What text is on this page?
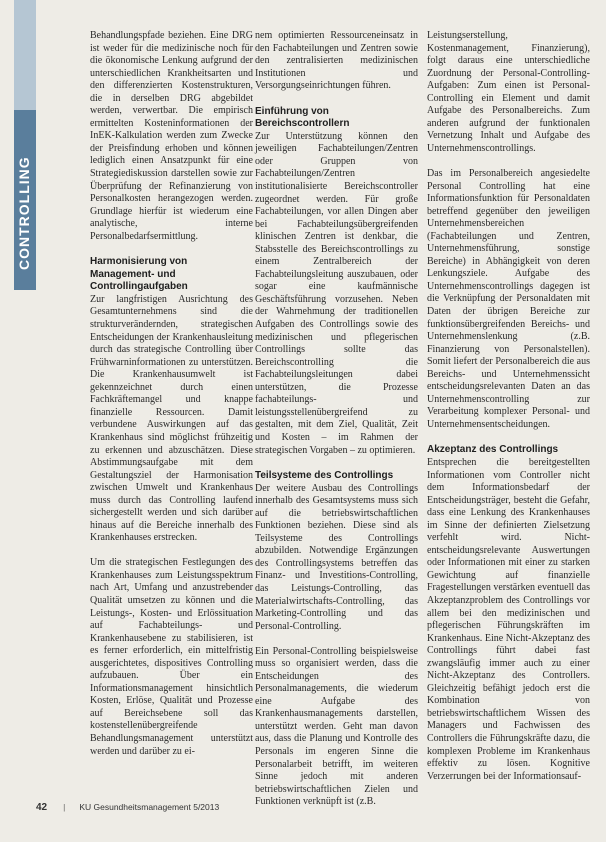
CONTROLLING

Behandlungspfade beziehen. Eine DRG ist weder für die medizinische noch für die ökonomische Lenkung aufgrund der unterschiedlichen Krankheitsarten und den differenzierten Kostenstrukturen, die in derselben DRG abgebildet werden, verwertbar. Die empirisch ermittelten Kosteninformationen der InEK-Kalkulation werden zum Zwecke der Preisfindung erhoben und können lediglich einen Ansatzpunkt für eine Strategiediskussion darstellen sowie zur Überprüfung der Refinanzierung von Personalkosten herangezogen werden. Grundlage hierfür ist wiederum eine analytische, interne Personalbedarfsermittlung.

Harmonisierung von Management- und Controllingaufgaben

Zur langfristigen Ausrichtung des Gesamtunternehmens sind die strukturverändernden, strategischen Entscheidungen der Krankenhausleitung durch das strategische Controlling über Frühwarninformationen zu unterstützen. Die Krankenhausumwelt ist gekennzeichnet durch einen Fachkräftemangel und knappe finanzielle Ressourcen. Damit verbundene Auswirkungen auf das Krankenhaus sind möglichst frühzeitig zu erkennen und abzuschätzen. Diese Abstimmungsaufgabe mit dem Gestaltungsziel der Harmonisation zwischen Umwelt und Krankenhaus muss durch das Controlling laufend sichergestellt werden und sich darüber hinaus auf die Bereiche innerhalb des Krankenhauses erstrecken.

Um die strategischen Festlegungen des Krankenhauses zum Leistungsspektrum nach Art, Umfang und anzustrebender Qualität umsetzen zu können und die Leistungs-, Kosten- und Erlössituation auf Fachabteilungs- und Krankenhausebene zu stabilisieren, ist es ferner erforderlich, ein mittelfristig ausgerichtetes, dispositives Controlling aufzubauen. Über ein Informationsmanagement hinsichtlich Kosten, Erlöse, Qualität und Prozesse auf Bereichsebene soll das kostenstellenübergreifende Behandlungsmanagement unterstützt werden und darüber zu ei-

nem optimierten Ressourceneinsatz in den Fachabteilungen und Zentren sowie den zentralisierten medizinischen Institutionen und Versorgungseinrichtungen führen.

Einführung von Bereichscontrollern

Zur Unterstützung können den jeweiligen Fachabteilungen/Zentren oder Gruppen von Fachabteilungen/Zentren institutionalisierte Bereichscontroller zugeordnet werden. Für große Fachabteilungen, vor allen Dingen aber bei Fachabteilungsübergreifenden klinischen Zentren ist denkbar, die Stabsstelle des Bereichscontrollings zu einem Zentralbereich der Fachabteilungsleitung auszubauen, oder sogar eine kaufmännische Geschäftsführung vorzusehen. Neben der Wahrnehmung der traditionellen Aufgaben des Controllings sowie des medizinischen und pflegerischen Controllings sollte das Bereichscontrolling die Fachabteilungsleitungen dabei unterstützen, die Prozesse fachabteilungs- und leistungsstellenübergreifend zu gestalten, mit dem Ziel, Qualität, Zeit und Kosten – im Rahmen der strategischen Vorgaben – zu optimieren.

Teilsysteme des Controllings

Der weitere Ausbau des Controllings innerhalb des Gesamtsystems muss sich auf die betriebswirtschaftlichen Funktionen beziehen. Diese sind als Teilsysteme des Controllings abzubilden. Notwendige Ergänzungen des Controllingsystems betreffen das Finanz- und Investitions-Controlling, das Leistungs-Controlling, das Materialwirtschafts-Controlling, das Marketing-Controlling und das Personal-Controlling.

Ein Personal-Controlling beispielsweise muss so organisiert werden, dass die Entscheidungen des Personalmanagements, die wiederum eine Aufgabe des Krankenhausmanagements darstellen, unterstützt werden. Geht man davon aus, dass die Planung und Kontrolle des Personals im engeren Sinne die Personalarbeit betrifft, im weiteren Sinne jedoch mit anderen betriebswirtschaftlichen Zielen und Funktionen verknüpft ist (z.B.

Leistungserstellung, Kostenmanagement, Finanzierung), folgt daraus eine unterschiedliche Zuordnung der Personal-Controlling-Aufgaben: Zum einen ist Personal-Controlling ein Element und damit Aufgabe des Personalbereichs. Zum anderen aufgrund der funktionalen Vernetzung Inhalt und Aufgabe des Unternehmenscontrollings.

Das im Personalbereich angesiedelte Personal Controlling hat eine Informationsfunktion für Personaldaten betreffend gegenüber den jeweiligen Unternehmensbereichen (Fachabteilungen und Zentren, Unternehmensführung, sonstige Bereiche) in Abhängigkeit von deren Lenkungsziele. Aufgabe des Unternehmenscontrollings dagegen ist die Verknüpfung der Personaldaten mit Daten der übrigen Bereiche zur funktionsübergreifenden Bereichs- und Unternehmenslenkung (z.B. Finanzierung von Personalstellen). Somit liefert der Personalbereich die aus Bereichs- und Unternehmenssicht entscheidungsrelevanten Daten an das Unternehmenscontrolling zur Verarbeitung komplexer Personal- und Unternehmensentscheidungen.

Akzeptanz des Controllings

Entsprechen die bereitgestellten Informationen vom Controller nicht dem Informationsbedarf der Entscheidungsträger, besteht die Gefahr, dass eine Lenkung des Krankenhauses im Sinne der definierten Zielsetzung verfehlt wird. Nicht-entscheidungsrelevante Auswertungen oder Informationen mit einer zu starken Gewichtung auf finanzielle Fragestellungen verstärken eventuell das Akzeptanzproblem des Controllings vor allem bei den medizinischen und pflegerischen Führungskräften im Krankenhaus. Eine Nicht-Akzeptanz des Controllings führt dabei fast zwangsläufig immer auch zu einer Nicht-Akzeptanz des Controllers. Gleichzeitig befähigt jedoch erst die Kombination von betriebswirtschaftlichem Wissen des Managers und Fachwissen des Controllers die Führungskräfte dazu, die komplexen Probleme im Krankenhaus effektiv zu lösen. Kognitive Verzerrungen bei der Informationsauf-

42 | KU Gesundheitsmanagement 5/2013
